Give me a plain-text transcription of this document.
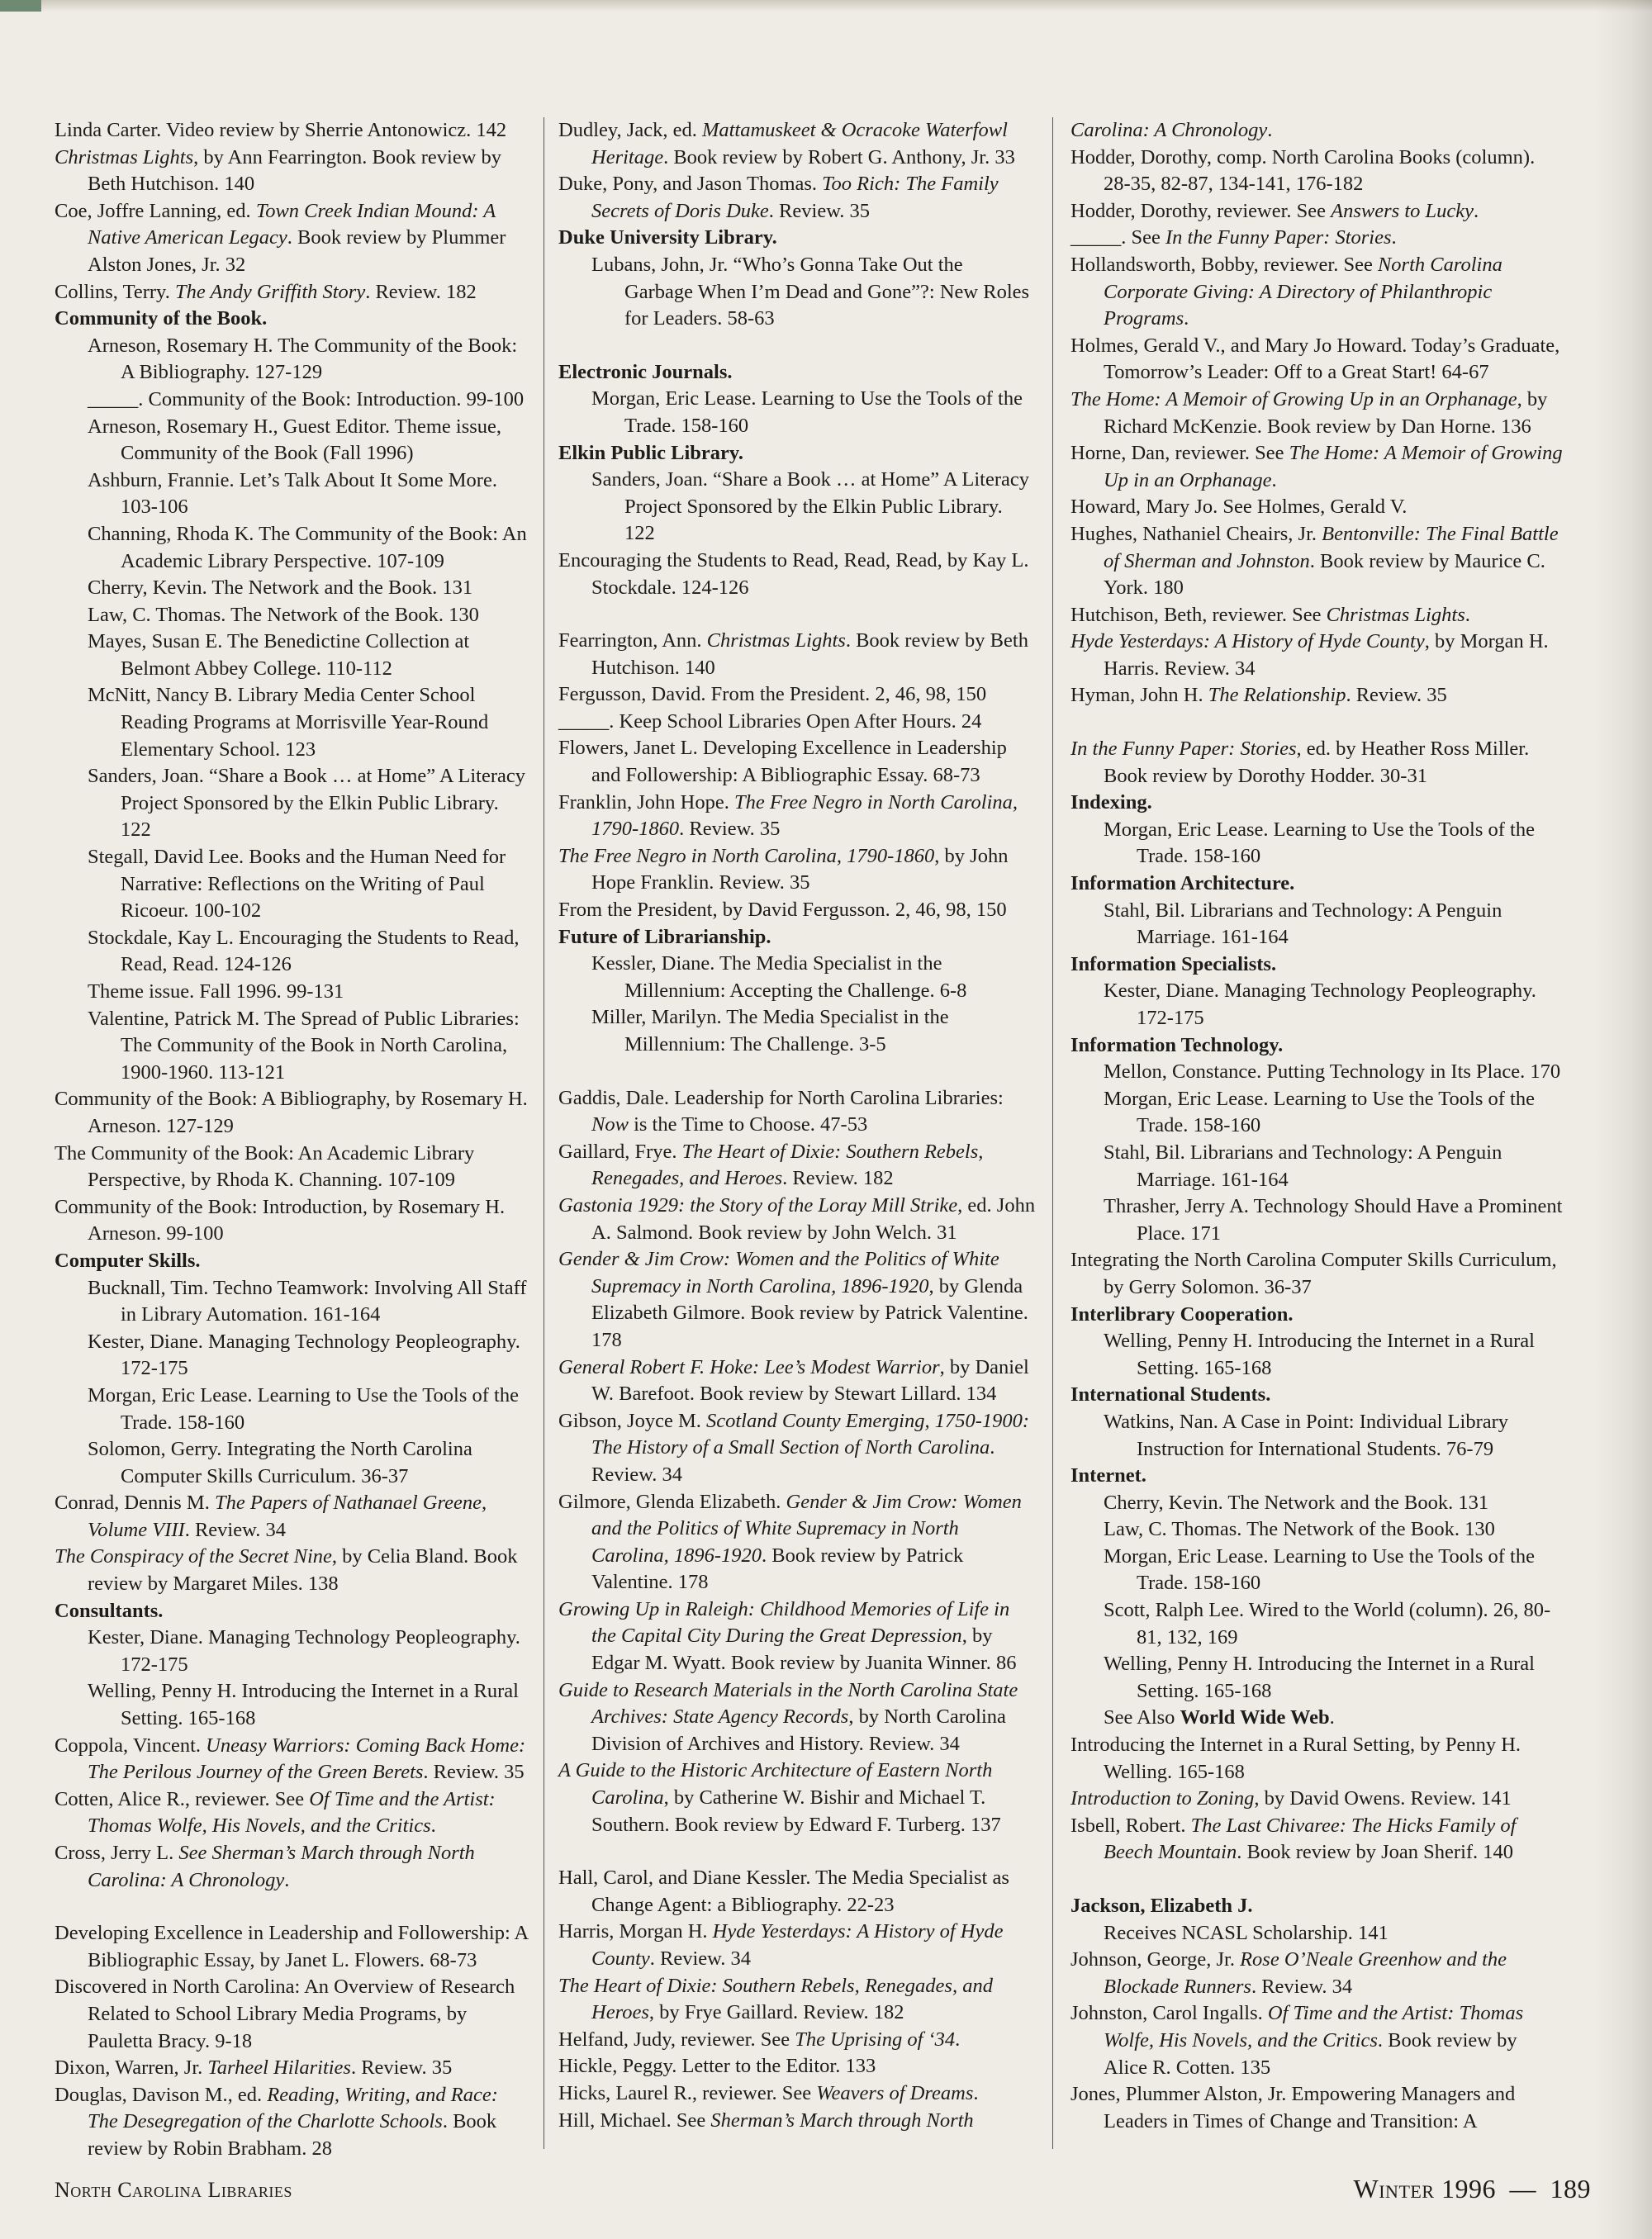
Linda Carter. Video review by Sherrie Antonowicz. 142
Christmas Lights, by Ann Fearrington. Book review by Beth Hutchison. 140
Coe, Joffre Lanning, ed. Town Creek Indian Mound: A Native American Legacy. Book review by Plummer Alston Jones, Jr. 32
Collins, Terry. The Andy Griffith Story. Review. 182
Community of the Book.
Arneson, Rosemary H. The Community of the Book: A Bibliography. 127-129
_____. Community of the Book: Introduction. 99-100
Arneson, Rosemary H., Guest Editor. Theme issue, Community of the Book (Fall 1996)
Ashburn, Frannie. Let’s Talk About It Some More. 103-106
Channing, Rhoda K. The Community of the Book: An Academic Library Perspective. 107-109
Cherry, Kevin. The Network and the Book. 131
Law, C. Thomas. The Network of the Book. 130
Mayes, Susan E. The Benedictine Collection at Belmont Abbey College. 110-112
McNitt, Nancy B. Library Media Center School Reading Programs at Morrisville Year-Round Elementary School. 123
Sanders, Joan. “Share a Book … at Home” A Literacy Project Sponsored by the Elkin Public Library. 122
Stegall, David Lee. Books and the Human Need for Narrative: Reflections on the Writing of Paul Ricoeur. 100-102
Stockdale, Kay L. Encouraging the Students to Read, Read, Read. 124-126
Theme issue. Fall 1996. 99-131
Valentine, Patrick M. The Spread of Public Libraries: The Community of the Book in North Carolina, 1900-1960. 113-121
Community of the Book: A Bibliography, by Rosemary H. Arneson. 127-129
The Community of the Book: An Academic Library Perspective, by Rhoda K. Channing. 107-109
Community of the Book: Introduction, by Rosemary H. Arneson. 99-100
Computer Skills.
Bucknall, Tim. Techno Teamwork: Involving All Staff in Library Automation. 161-164
Kester, Diane. Managing Technology Peopleography. 172-175
Morgan, Eric Lease. Learning to Use the Tools of the Trade. 158-160
Solomon, Gerry. Integrating the North Carolina Computer Skills Curriculum. 36-37
Conrad, Dennis M. The Papers of Nathanael Greene, Volume VIII. Review. 34
The Conspiracy of the Secret Nine, by Celia Bland. Book review by Margaret Miles. 138
Consultants.
Kester, Diane. Managing Technology Peopleography. 172-175
Welling, Penny H. Introducing the Internet in a Rural Setting. 165-168
Coppola, Vincent. Uneasy Warriors: Coming Back Home: The Perilous Journey of the Green Berets. Review. 35
Cotten, Alice R., reviewer. See Of Time and the Artist: Thomas Wolfe, His Novels, and the Critics.
Cross, Jerry L. See Sherman’s March through North Carolina: A Chronology.
Developing Excellence in Leadership and Followership: A Bibliographic Essay, by Janet L. Flowers. 68-73
Discovered in North Carolina: An Overview of Research Related to School Library Media Programs, by Pauletta Bracy. 9-18
Dixon, Warren, Jr. Tarheel Hilarities. Review. 35
Douglas, Davison M., ed. Reading, Writing, and Race: The Desegregation of the Charlotte Schools. Book review by Robin Brabham. 28
Dudley, Jack, ed. Mattamuskeet & Ocracoke Waterfowl Heritage. Book review by Robert G. Anthony, Jr. 33
Duke, Pony, and Jason Thomas. Too Rich: The Family Secrets of Doris Duke. Review. 35
Duke University Library.
Lubans, John, Jr. “Who’s Gonna Take Out the Garbage When I’m Dead and Gone”?: New Roles for Leaders. 58-63
Electronic Journals.
Morgan, Eric Lease. Learning to Use the Tools of the Trade. 158-160
Elkin Public Library.
Sanders, Joan. “Share a Book … at Home” A Literacy Project Sponsored by the Elkin Public Library. 122
Encouraging the Students to Read, Read, Read, by Kay L. Stockdale. 124-126
Fearrington, Ann. Christmas Lights. Book review by Beth Hutchison. 140
Fergusson, David. From the President. 2, 46, 98, 150
_____. Keep School Libraries Open After Hours. 24
Flowers, Janet L. Developing Excellence in Leadership and Followership: A Bibliographic Essay. 68-73
Franklin, John Hope. The Free Negro in North Carolina, 1790-1860. Review. 35
The Free Negro in North Carolina, 1790-1860, by John Hope Franklin. Review. 35
From the President, by David Fergusson. 2, 46, 98, 150
Future of Librarianship.
Kessler, Diane. The Media Specialist in the Millennium: Accepting the Challenge. 6-8
Miller, Marilyn. The Media Specialist in the Millennium: The Challenge. 3-5
Gaddis, Dale. Leadership for North Carolina Libraries: Now is the Time to Choose. 47-53
Gaillard, Frye. The Heart of Dixie: Southern Rebels, Renegades, and Heroes. Review. 182
Gastonia 1929: the Story of the Loray Mill Strike, ed. John A. Salmond. Book review by John Welch. 31
Gender & Jim Crow: Women and the Politics of White Supremacy in North Carolina, 1896-1920, by Glenda Elizabeth Gilmore. Book review by Patrick Valentine. 178
General Robert F. Hoke: Lee’s Modest Warrior, by Daniel W. Barefoot. Book review by Stewart Lillard. 134
Gibson, Joyce M. Scotland County Emerging, 1750-1900: The History of a Small Section of North Carolina. Review. 34
Gilmore, Glenda Elizabeth. Gender & Jim Crow: Women and the Politics of White Supremacy in North Carolina, 1896-1920. Book review by Patrick Valentine. 178
Growing Up in Raleigh: Childhood Memories of Life in the Capital City During the Great Depression, by Edgar M. Wyatt. Book review by Juanita Winner. 86
Guide to Research Materials in the North Carolina State Archives: State Agency Records, by North Carolina Division of Archives and History. Review. 34
A Guide to the Historic Architecture of Eastern North Carolina, by Catherine W. Bishir and Michael T. Southern. Book review by Edward F. Turberg. 137
Hall, Carol, and Diane Kessler. The Media Specialist as Change Agent: a Bibliography. 22-23
Harris, Morgan H. Hyde Yesterdays: A History of Hyde County. Review. 34
The Heart of Dixie: Southern Rebels, Renegades, and Heroes, by Frye Gaillard. Review. 182
Helfand, Judy, reviewer. See The Uprising of ‘34.
Hickle, Peggy. Letter to the Editor. 133
Hicks, Laurel R., reviewer. See Weavers of Dreams.
Hill, Michael. See Sherman’s March through North
Carolina: A Chronology.
Hodder, Dorothy, comp. North Carolina Books (column). 28-35, 82-87, 134-141, 176-182
Hodder, Dorothy, reviewer. See Answers to Lucky.
_____. See In the Funny Paper: Stories.
Hollandsworth, Bobby, reviewer. See North Carolina Corporate Giving: A Directory of Philanthropic Programs.
Holmes, Gerald V., and Mary Jo Howard. Today’s Graduate, Tomorrow’s Leader: Off to a Great Start! 64-67
The Home: A Memoir of Growing Up in an Orphanage, by Richard McKenzie. Book review by Dan Horne. 136
Horne, Dan, reviewer. See The Home: A Memoir of Growing Up in an Orphanage.
Howard, Mary Jo. See Holmes, Gerald V.
Hughes, Nathaniel Cheairs, Jr. Bentonville: The Final Battle of Sherman and Johnston. Book review by Maurice C. York. 180
Hutchison, Beth, reviewer. See Christmas Lights.
Hyde Yesterdays: A History of Hyde County, by Morgan H. Harris. Review. 34
Hyman, John H. The Relationship. Review. 35
In the Funny Paper: Stories, ed. by Heather Ross Miller. Book review by Dorothy Hodder. 30-31
Indexing.
Morgan, Eric Lease. Learning to Use the Tools of the Trade. 158-160
Information Architecture.
Stahl, Bil. Librarians and Technology: A Penguin Marriage. 161-164
Information Specialists.
Kester, Diane. Managing Technology Peopleography. 172-175
Information Technology.
Mellon, Constance. Putting Technology in Its Place. 170
Morgan, Eric Lease. Learning to Use the Tools of the Trade. 158-160
Stahl, Bil. Librarians and Technology: A Penguin Marriage. 161-164
Thrasher, Jerry A. Technology Should Have a Prominent Place. 171
Integrating the North Carolina Computer Skills Curriculum, by Gerry Solomon. 36-37
Interlibrary Cooperation.
Welling, Penny H. Introducing the Internet in a Rural Setting. 165-168
International Students.
Watkins, Nan. A Case in Point: Individual Library Instruction for International Students. 76-79
Internet.
Cherry, Kevin. The Network and the Book. 131
Law, C. Thomas. The Network of the Book. 130
Morgan, Eric Lease. Learning to Use the Tools of the Trade. 158-160
Scott, Ralph Lee. Wired to the World (column). 26, 80-81, 132, 169
Welling, Penny H. Introducing the Internet in a Rural Setting. 165-168
See Also World Wide Web.
Introducing the Internet in a Rural Setting, by Penny H. Welling. 165-168
Introduction to Zoning, by David Owens. Review. 141
Isbell, Robert. The Last Chivaree: The Hicks Family of Beech Mountain. Book review by Joan Sherif. 140
Jackson, Elizabeth J.
Receives NCASL Scholarship. 141
Johnson, George, Jr. Rose O’Neale Greenhow and the Blockade Runners. Review. 34
Johnston, Carol Ingalls. Of Time and the Artist: Thomas Wolfe, His Novels, and the Critics. Book review by Alice R. Cotten. 135
Jones, Plummer Alston, Jr. Empowering Managers and Leaders in Times of Change and Transition: A
North Carolina Libraries	Winter 1996 — 189
